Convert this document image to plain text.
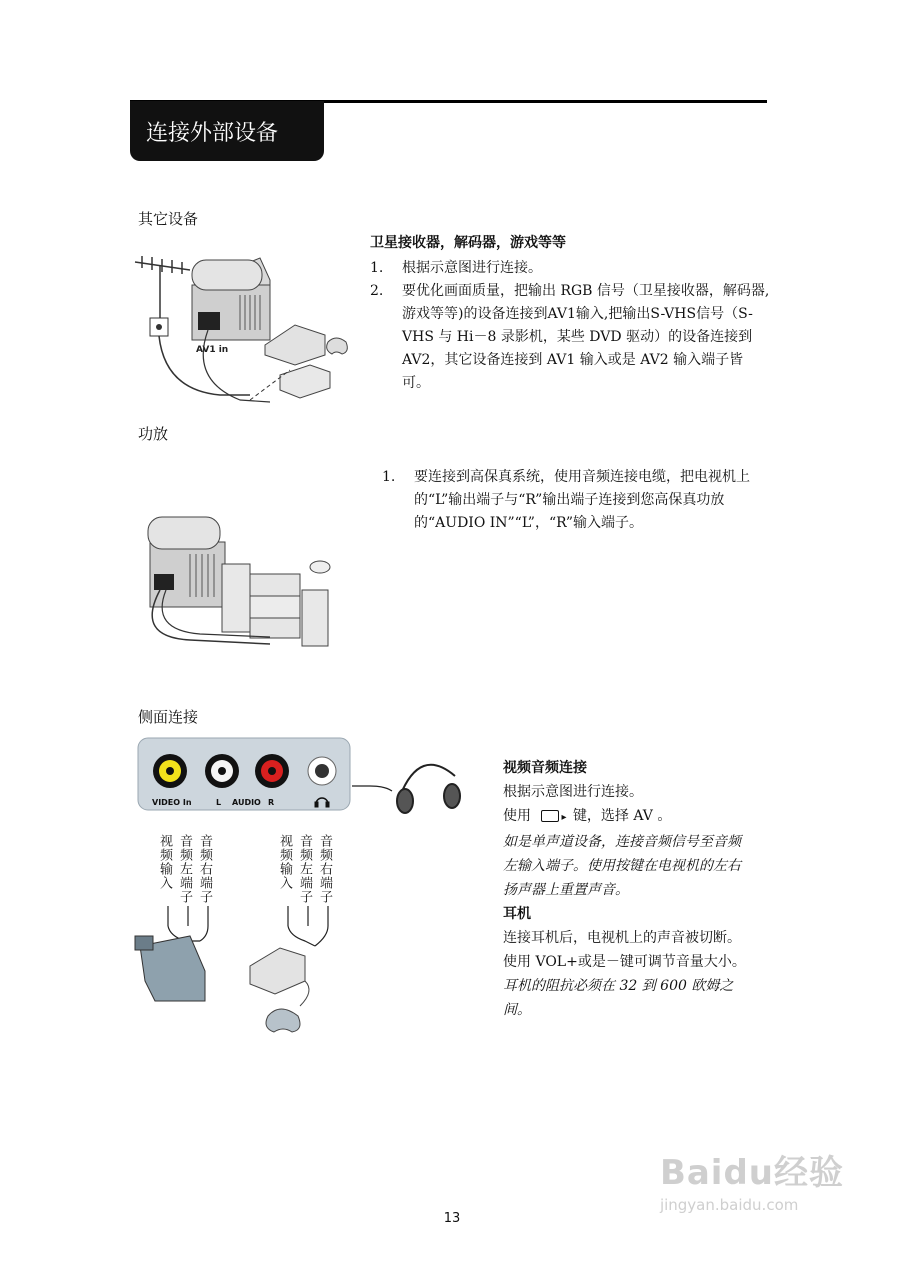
连接外部设备
其它设备
AV1 in
卫星接收器，解码器，游戏等等
1. 根据示意图进行连接。
2. 要优化画面质量，把输出 RGB 信号（卫星接收器，解码器,游戏等等)的设备连接到AV1输入,把输出S-VHS信号（S-VHS 与 Hi－8 录影机，某些 DVD 驱动）的设备连接到 AV2，其它设备连接到 AV1 输入或是 AV2 输入端子皆可。
功放
1. 要连接到高保真系统，使用音频连接电缆，把电视机上的“L”输出端子与“R”输出端子连接到您高保真功放的“AUDIO IN”“L”，“R”输入端子。
侧面连接
VIDEO In	L AUDIO R
视频输入 音频左端子 音频右端子	视频输入 音频左端子 音频右端子
视频音频连接
根据示意图进行连接。
使用	▸ 键，选择 AV 。
如是单声道设备，连接音频信号至音频左输入端子。使用按键在电视机的左右扬声器上重置声音。
耳机
连接耳机后，电视机上的声音被切断。使用 VOL+或是－键可调节音量大小。
耳机的阻抗必须在 32 到 600 欧姆之间。
13
Baidu经验
jingyan.baidu.com
